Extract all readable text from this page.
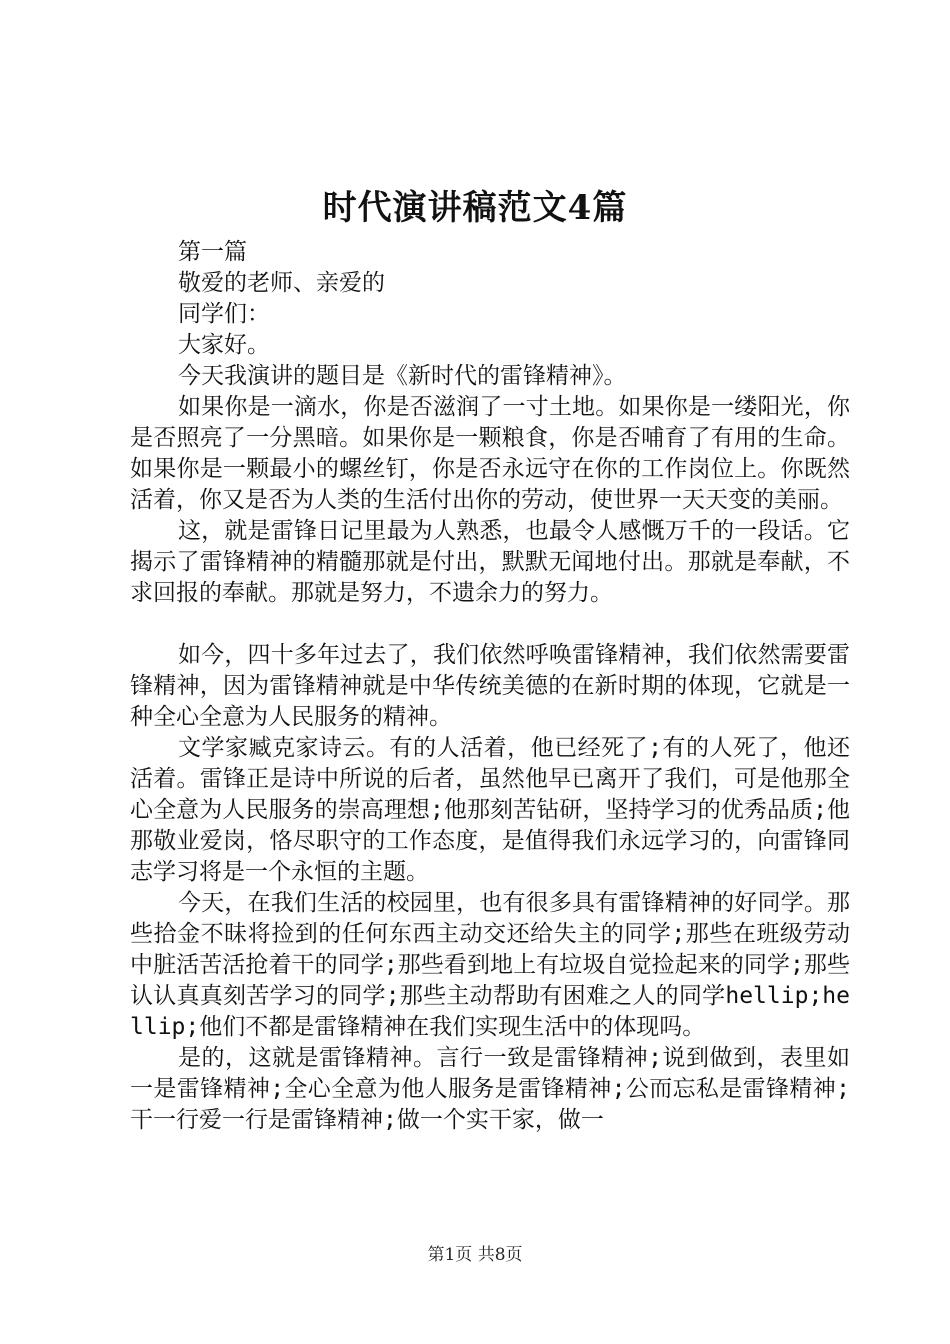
时代演讲稿范文4篇

第一篇

敬爱的老师、亲爱的

同学们：

大家好。

今天我演讲的题目是《新时代的雷锋精神》。

如果你是一滴水，你是否滋润了一寸土地。如果你是一缕阳光，你是否照亮了一分黑暗。如果你是一颗粮食，你是否哺育了有用的生命。如果你是一颗最小的螺丝钉，你是否永远守在你的工作岗位上。你既然活着，你又是否为人类的生活付出你的劳动，使世界一天天变的美丽。

这，就是雷锋日记里最为人熟悉，也最令人感慨万千的一段话。它揭示了雷锋精神的精髓那就是付出，默默无闻地付出。那就是奉献，不求回报的奉献。那就是努力，不遗余力的努力。

如今，四十多年过去了，我们依然呼唤雷锋精神，我们依然需要雷锋精神，因为雷锋精神就是中华传统美德的在新时期的体现，它就是一种全心全意为人民服务的精神。

文学家臧克家诗云。有的人活着，他已经死了;有的人死了，他还活着。雷锋正是诗中所说的后者，虽然他早已离开了我们，可是他那全心全意为人民服务的崇高理想;他那刻苦钻研，坚持学习的优秀品质;他那敬业爱岗，恪尽职守的工作态度，是值得我们永远学习的，向雷锋同志学习将是一个永恒的主题。

今天，在我们生活的校园里，也有很多具有雷锋精神的好同学。那些拾金不昧将捡到的任何东西主动交还给失主的同学;那些在班级劳动中脏活苦活抢着干的同学;那些看到地上有垃圾自觉捡起来的同学;那些认认真真刻苦学习的同学;那些主动帮助有困难之人的同学hellip;hellip;他们不都是雷锋精神在我们实现生活中的体现吗。

是的，这就是雷锋精神。言行一致是雷锋精神;说到做到，表里如一是雷锋精神;全心全意为他人服务是雷锋精神;公而忘私是雷锋精神;干一行爱一行是雷锋精神;做一个实干家，做一

第1页 共8页
